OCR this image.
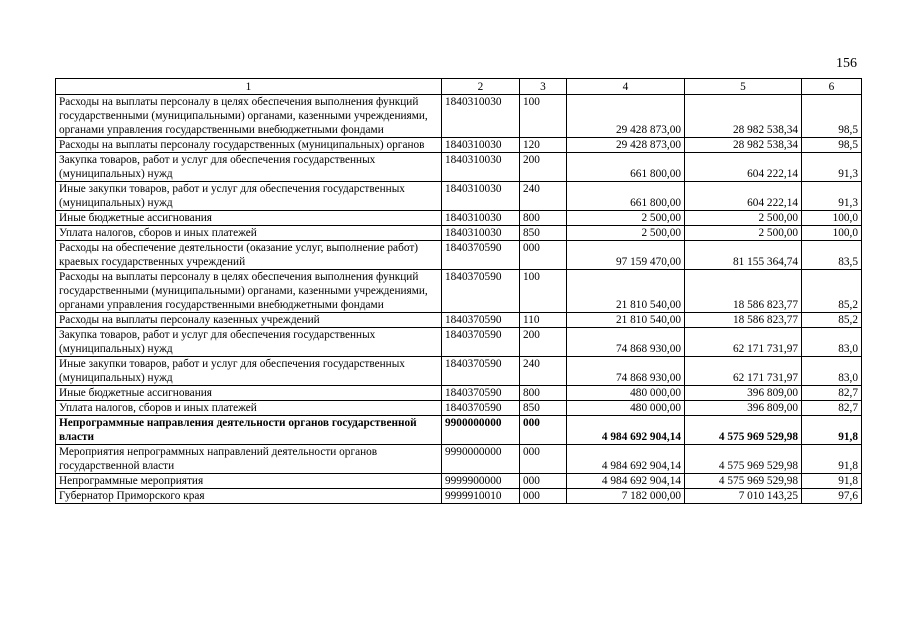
156
1	2	3	4	5	6
Расходы на выплаты персоналу в целях обеспечения выполнения функций государственными (муниципальными) органами, казенными учреждениями, органами управления государственными внебюджетными фондами	1840310030	100	29 428 873,00	28 982 538,34	98,5
Расходы на выплаты персоналу государственных (муниципальных) органов	1840310030	120	29 428 873,00	28 982 538,34	98,5
Закупка товаров, работ и услуг для обеспечения государственных (муниципальных) нужд	1840310030	200	661 800,00	604 222,14	91,3
Иные закупки товаров, работ и услуг для обеспечения государственных (муниципальных) нужд	1840310030	240	661 800,00	604 222,14	91,3
Иные бюджетные ассигнования	1840310030	800	2 500,00	2 500,00	100,0
Уплата налогов, сборов и иных платежей	1840310030	850	2 500,00	2 500,00	100,0
Расходы на обеспечение деятельности (оказание услуг, выполнение работ) краевых государственных учреждений	1840370590	000	97 159 470,00	81 155 364,74	83,5
Расходы на выплаты персоналу в целях обеспечения выполнения функций государственными (муниципальными) органами, казенными учреждениями, органами управления государственными внебюджетными фондами	1840370590	100	21 810 540,00	18 586 823,77	85,2
Расходы на выплаты персоналу казенных учреждений	1840370590	110	21 810 540,00	18 586 823,77	85,2
Закупка товаров, работ и услуг для обеспечения государственных (муниципальных) нужд	1840370590	200	74 868 930,00	62 171 731,97	83,0
Иные закупки товаров, работ и услуг для обеспечения государственных (муниципальных) нужд	1840370590	240	74 868 930,00	62 171 731,97	83,0
Иные бюджетные ассигнования	1840370590	800	480 000,00	396 809,00	82,7
Уплата налогов, сборов и иных платежей	1840370590	850	480 000,00	396 809,00	82,7
Непрограммные направления деятельности органов государственной власти	9900000000	000	4 984 692 904,14	4 575 969 529,98	91,8
Мероприятия непрограммных направлений деятельности органов государственной власти	9990000000	000	4 984 692 904,14	4 575 969 529,98	91,8
Непрограммные мероприятия	9999900000	000	4 984 692 904,14	4 575 969 529,98	91,8
Губернатор Приморского края	9999910010	000	7 182 000,00	7 010 143,25	97,6
